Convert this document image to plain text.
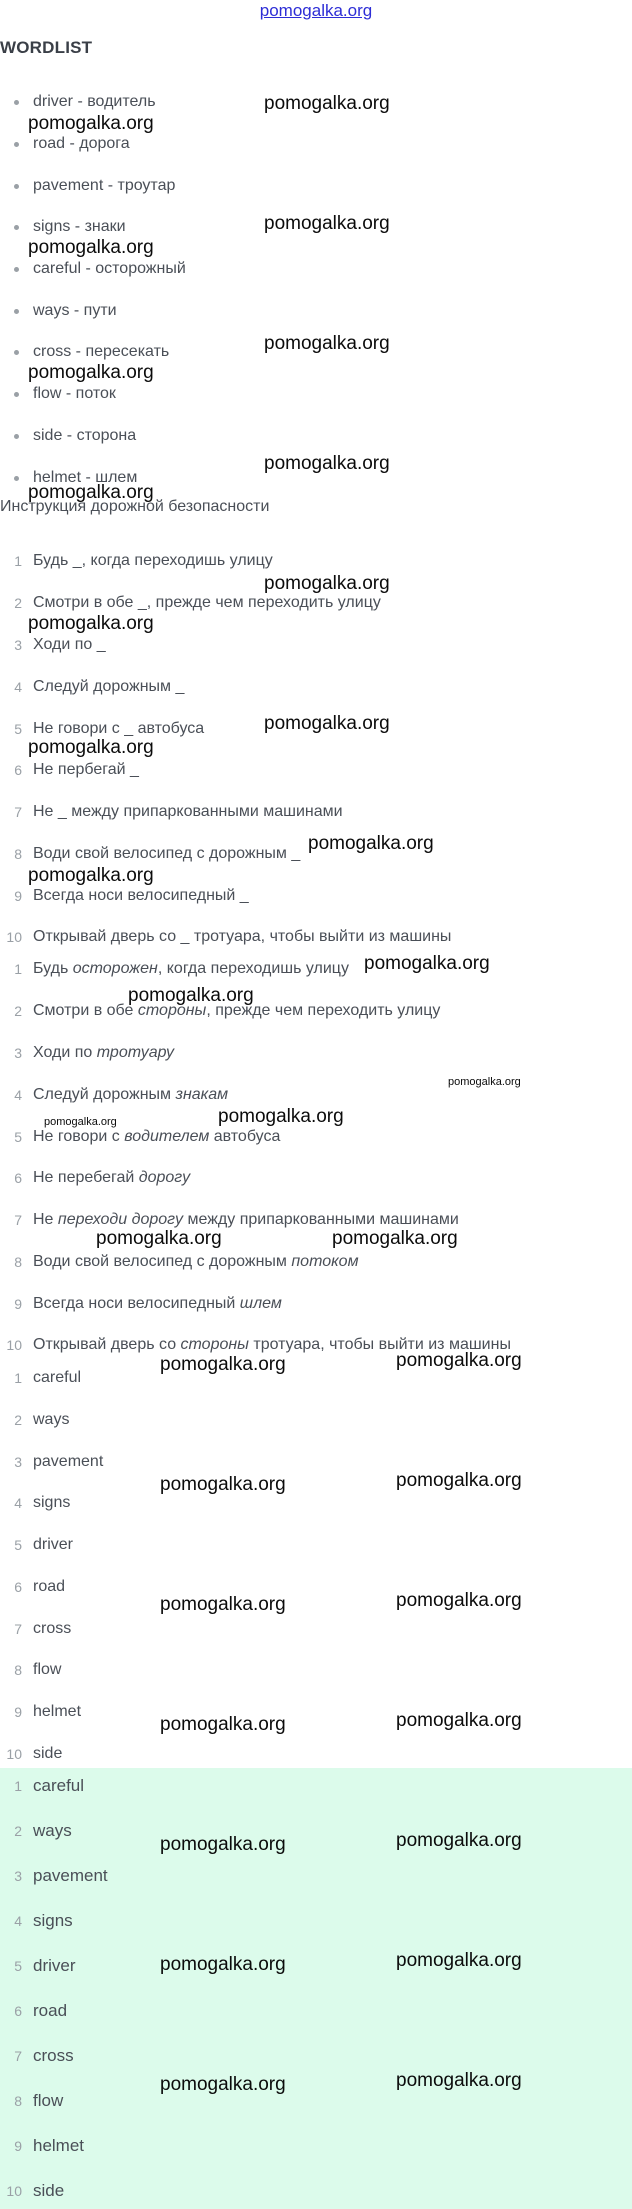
pomogalka.org
WORDLIST
driver - водитель
road - дорога
pavement - троутар
signs - знаки
careful - осторожный
ways - пути
cross - пересекать
flow - поток
side - сторона
helmet - шлем
Инструкция дорожной безопасности
1 Будь _, когда переходишь улицу
2 Смотри в обе _, прежде чем переходить улицу
3 Ходи по _
4 Следуй дорожным _
5 Не говори с _ автобуса
6 Не пербегай _
7 Не _ между припаркованными машинами
8 Води свой велосипед с дорожным _
9 Всегда носи велосипедный _
10 Открывай дверь со _ тротуара, чтобы выйти из машины
1 Будь осторожен, когда переходишь улицу
2 Смотри в обе стороны, прежде чем переходить улицу
3 Ходи по тротуару
4 Следуй дорожным знакам
5 Не говори с водителем автобуса
6 Не перебегай дорогу
7 Не переходи дорогу между припаркованными машинами
8 Води свой велосипед с дорожным потоком
9 Всегда носи велосипедный шлем
10 Открывай дверь со стороны тротуара, чтобы выйти из машины
1 careful
2 ways
3 pavement
4 signs
5 driver
6 road
7 cross
8 flow
9 helmet
10 side
1 careful
2 ways
3 pavement
4 signs
5 driver
6 road
7 cross
8 flow
9 helmet
10 side
pomogalka.org
pomogalka.org
pomogalka.org
pomogalka.org
pomogalka.org
pomogalka.org
pomogalka.org
pomogalka.org
pomogalka.org
pomogalka.org
pomogalka.org
pomogalka.org
pomogalka.org
pomogalka.org
pomogalka.org
pomogalka.org
pomogalka.org
pomogalka.org
pomogalka.org
pomogalka.org	pomogalka.org
pomogalka.org	pomogalka.org
pomogalka.org	pomogalka.org
pomogalka.org	pomogalka.org
pomogalka.org	pomogalka.org
pomogalka.org	pomogalka.org
pomogalka.org	pomogalka.org
pomogalka.org	pomogalka.org
